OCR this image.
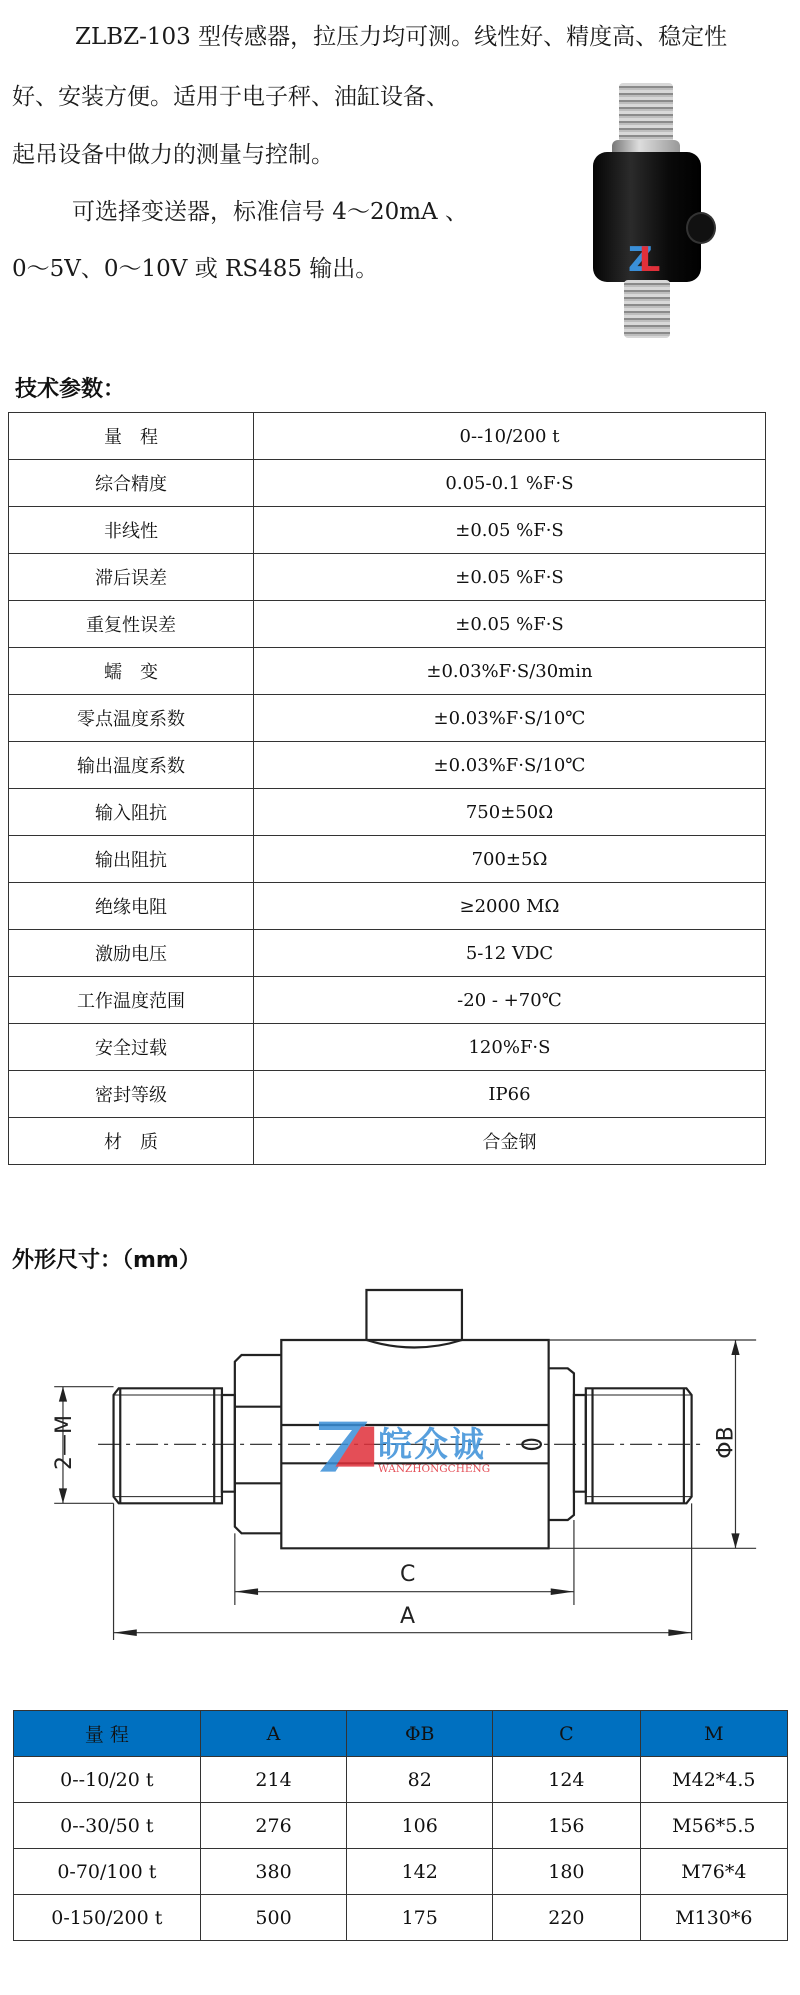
ZLBZ-103 型传感器，拉压力均可测。线性好、精度高、稳定性
好、安装方便。适用于电子秤、油缸设备、
起吊设备中做力的测量与控制。
可选择变送器，标准信号 4～20mA 、
0～5V、0～10V 或 RS485 输出。	ZL
技术参数：
量　程	0--10/200 t
综合精度	0.05-0.1 %F·S
非线性	±0.05 %F·S
滞后误差	±0.05 %F·S
重复性误差	±0.05 %F·S
蠕　变	±0.03%F·S/30min
零点温度系数	±0.03%F·S/10℃
输出温度系数	±0.03%F·S/10℃
输入阻抗	750±50Ω
输出阻抗	700±5Ω
绝缘电阻	≥2000 MΩ
激励电压	5-12 VDC
工作温度范围	-20 - +70℃
安全过载	120%F·S
密封等级	IP66
材　质	合金钢
外形尺寸：（mm）
2—M	ΦB
C
A
皖众诚
WANZHONGCHENG
量 程	A	ΦB	C	M
0--10/20 t	214	82	124	M42*4.5
0--30/50 t	276	106	156	M56*5.5
0-70/100 t	380	142	180	M76*4
0-150/200 t	500	175	220	M130*6
